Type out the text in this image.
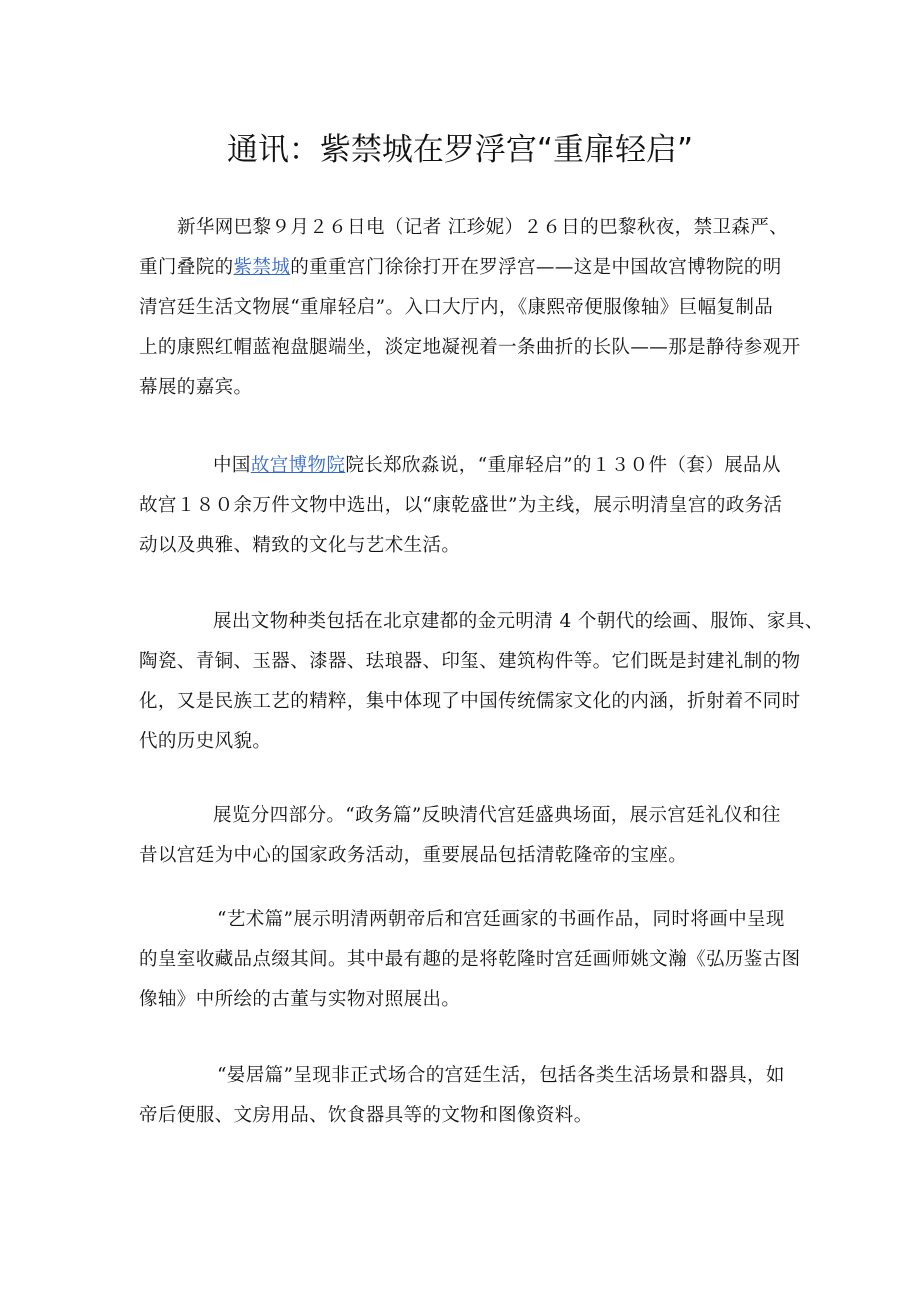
通讯：紫禁城在罗浮宫“重扉轻启”

新华网巴黎９月２６日电（记者 江珍妮）２６日的巴黎秋夜，禁卫森严、
重门叠院的紫禁城的重重宫门徐徐打开在罗浮宫——这是中国故宫博物院的明
清宫廷生活文物展“重扉轻启”。入口大厅内，《康熙帝便服像轴》巨幅复制品
上的康熙红帽蓝袍盘腿端坐，淡定地凝视着一条曲折的长队——那是静待参观开
幕展的嘉宾。

中国故宫博物院院长郑欣淼说，“重扉轻启”的１３０件（套）展品从
故宫１８０余万件文物中选出，以“康乾盛世”为主线，展示明清皇宫的政务活
动以及典雅、精致的文化与艺术生活。

展出文物种类包括在北京建都的金元明清 4 个朝代的绘画、服饰、家具、
陶瓷、青铜、玉器、漆器、珐琅器、印玺、建筑构件等。它们既是封建礼制的物
化，又是民族工艺的精粹，集中体现了中国传统儒家文化的内涵，折射着不同时
代的历史风貌。

展览分四部分。“政务篇”反映清代宫廷盛典场面，展示宫廷礼仪和往
昔以宫廷为中心的国家政务活动，重要展品包括清乾隆帝的宝座。

“艺术篇”展示明清两朝帝后和宫廷画家的书画作品，同时将画中呈现
的皇室收藏品点缀其间。其中最有趣的是将乾隆时宫廷画师姚文瀚《弘历鉴古图
像轴》中所绘的古董与实物对照展出。

“晏居篇”呈现非正式场合的宫廷生活，包括各类生活场景和器具，如
帝后便服、文房用品、饮食器具等的文物和图像资料。
